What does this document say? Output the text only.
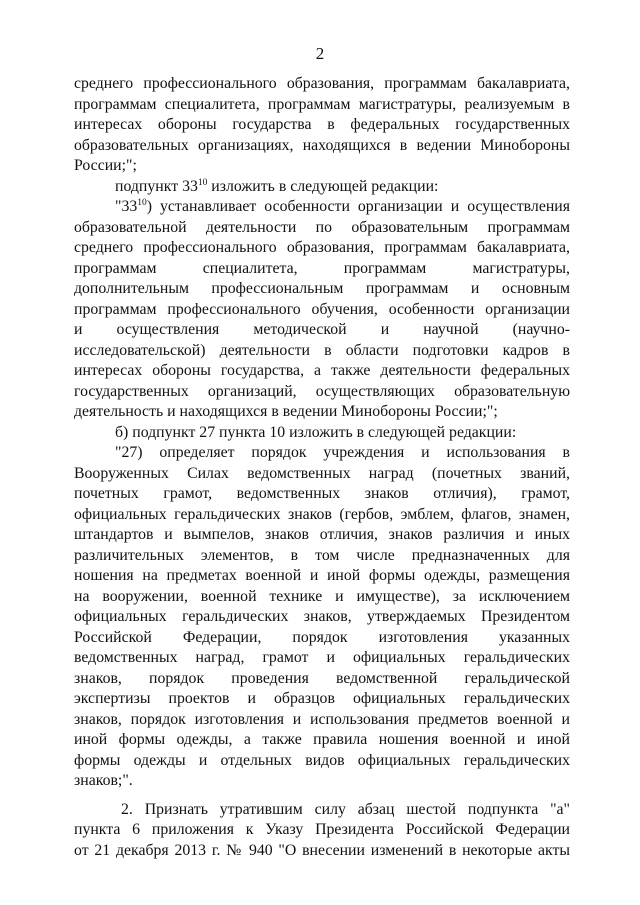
2
среднего профессионального образования, программам бакалавриата,
программам специалитета, программам магистратуры, реализуемым в
интересах обороны государства в федеральных государственных
образовательных организациях, находящихся в ведении Минобороны
России;";
подпункт $33^{10}$ изложить в следующей редакции:
"$33^{10}$) устанавливает особенности организации и осуществления
образовательной деятельности по образовательным программам
среднего профессионального образования, программам бакалавриата,
программам специалитета, программам магистратуры,
дополнительным профессиональным программам и основным
программам профессионального обучения, особенности организации
и осуществления методической и научной (научно-
исследовательской) деятельности в области подготовки кадров в
интересах обороны государства, а также деятельности федеральных
государственных организаций, осуществляющих образовательную
деятельность и находящихся в ведении Минобороны России;";
б) подпункт 27 пункта 10 изложить в следующей редакции:
"27) определяет порядок учреждения и использования в
Вооруженных Силах ведомственных наград (почетных званий,
почетных грамот, ведомственных знаков отличия), грамот,
официальных геральдических знаков (гербов, эмблем, флагов, знамен,
штандартов и вымпелов, знаков отличия, знаков различия и иных
различительных элементов, в том числе предназначенных для
ношения на предметах военной и иной формы одежды, размещения
на вооружении, военной технике и имуществе), за исключением
официальных геральдических знаков, утверждаемых Президентом
Российской Федерации, порядок изготовления указанных
ведомственных наград, грамот и официальных геральдических
знаков, порядок проведения ведомственной геральдической
экспертизы проектов и образцов официальных геральдических
знаков, порядок изготовления и использования предметов военной и
иной формы одежды, а также правила ношения военной и иной
формы одежды и отдельных видов официальных геральдических
знаков;".
2. Признать утратившим силу абзац шестой подпункта "а"
пункта 6 приложения к Указу Президента Российской Федерации
от 21 декабря 2013 г. № 940 "О внесении изменений в некоторые акты
